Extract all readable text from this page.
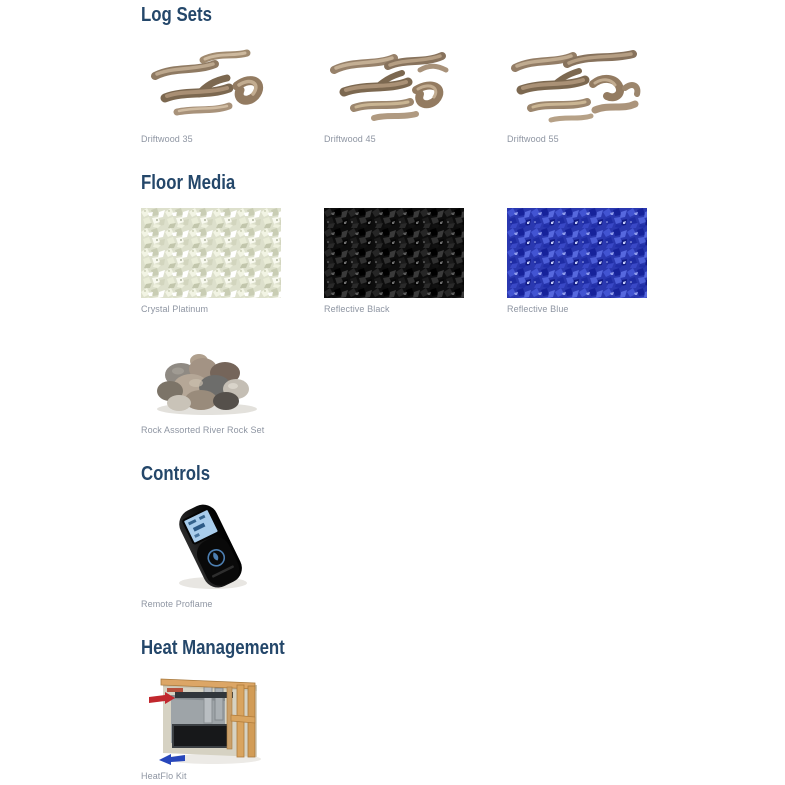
Log Sets
Driftwood 35	Driftwood 45	Driftwood 55
Floor Media
Crystal Platinum	Reflective Black	Reflective Blue
Rock Assorted River Rock Set
Controls
Remote Proflame
Heat Management
HeatFlo Kit
